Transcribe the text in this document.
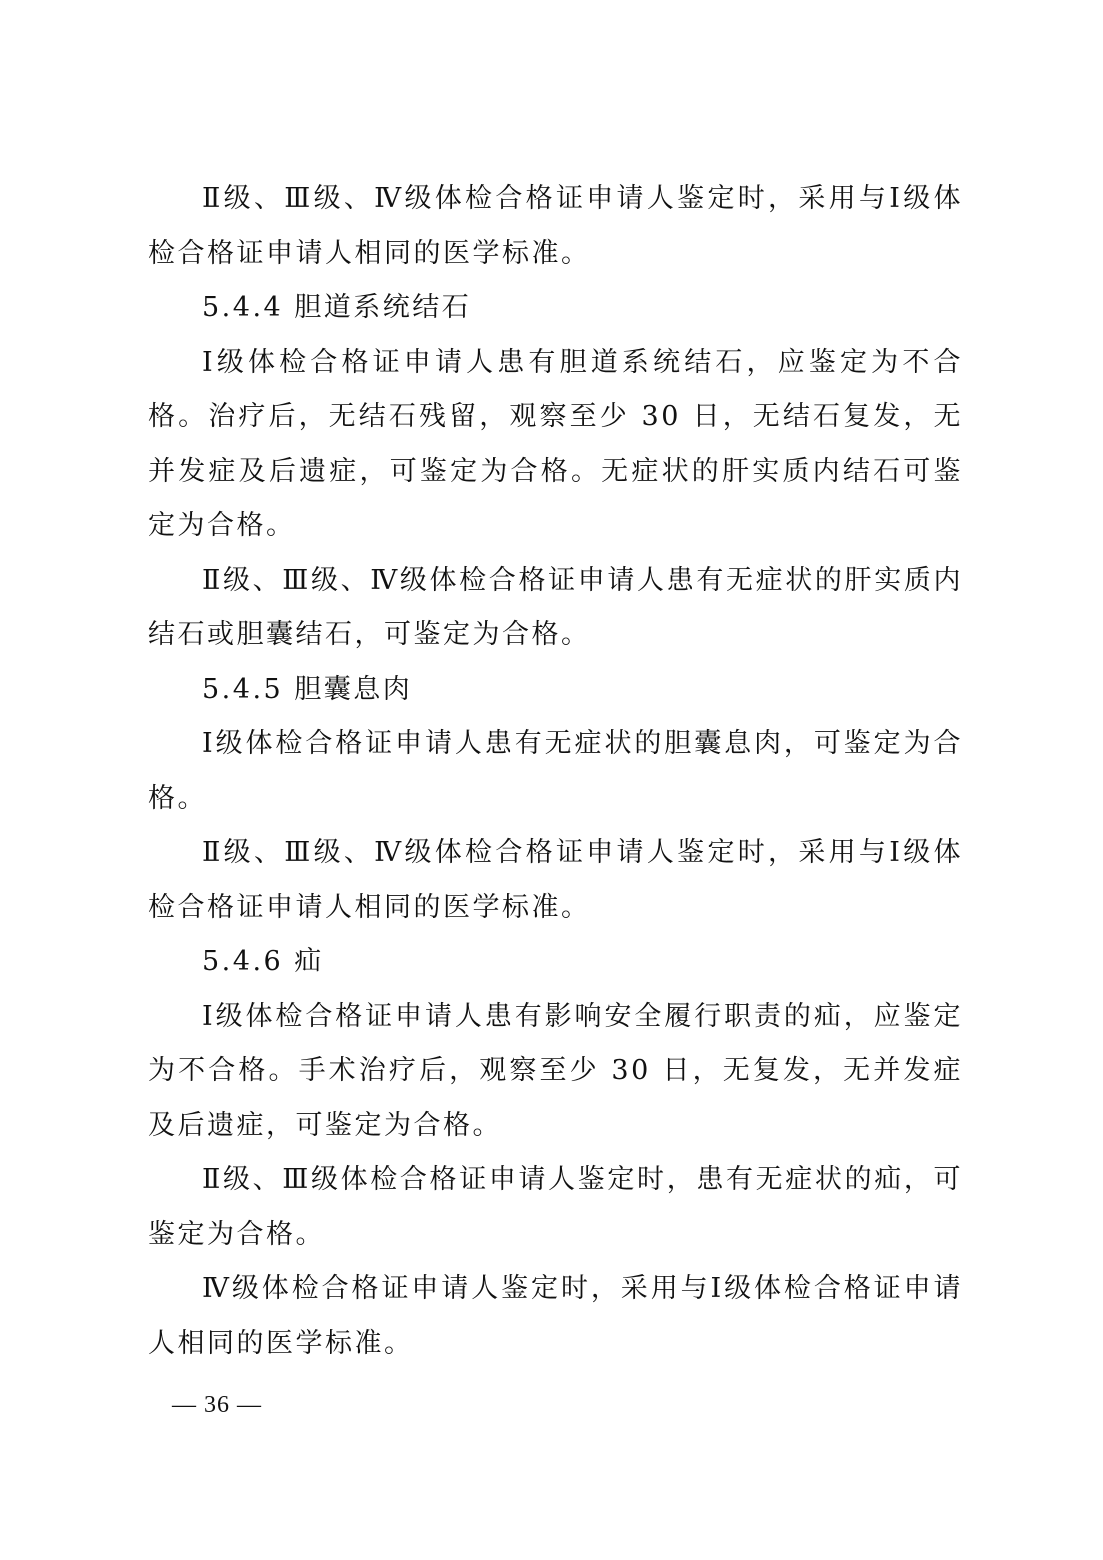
Ⅱ级、Ⅲ级、Ⅳ级体检合格证申请人鉴定时，采用与Ⅰ级体检合格证申请人相同的医学标准。

5.4.4 胆道系统结石

Ⅰ级体检合格证申请人患有胆道系统结石，应鉴定为不合格。治疗后，无结石残留，观察至少 30 日，无结石复发，无并发症及后遗症，可鉴定为合格。无症状的肝实质内结石可鉴定为合格。

Ⅱ级、Ⅲ级、Ⅳ级体检合格证申请人患有无症状的肝实质内结石或胆囊结石，可鉴定为合格。

5.4.5 胆囊息肉

Ⅰ级体检合格证申请人患有无症状的胆囊息肉，可鉴定为合格。

Ⅱ级、Ⅲ级、Ⅳ级体检合格证申请人鉴定时，采用与Ⅰ级体检合格证申请人相同的医学标准。

5.4.6 疝

Ⅰ级体检合格证申请人患有影响安全履行职责的疝，应鉴定为不合格。手术治疗后，观察至少 30 日，无复发，无并发症及后遗症，可鉴定为合格。

Ⅱ级、Ⅲ级体检合格证申请人鉴定时，患有无症状的疝，可鉴定为合格。

Ⅳ级体检合格证申请人鉴定时，采用与Ⅰ级体检合格证申请人相同的医学标准。

— 36 —
